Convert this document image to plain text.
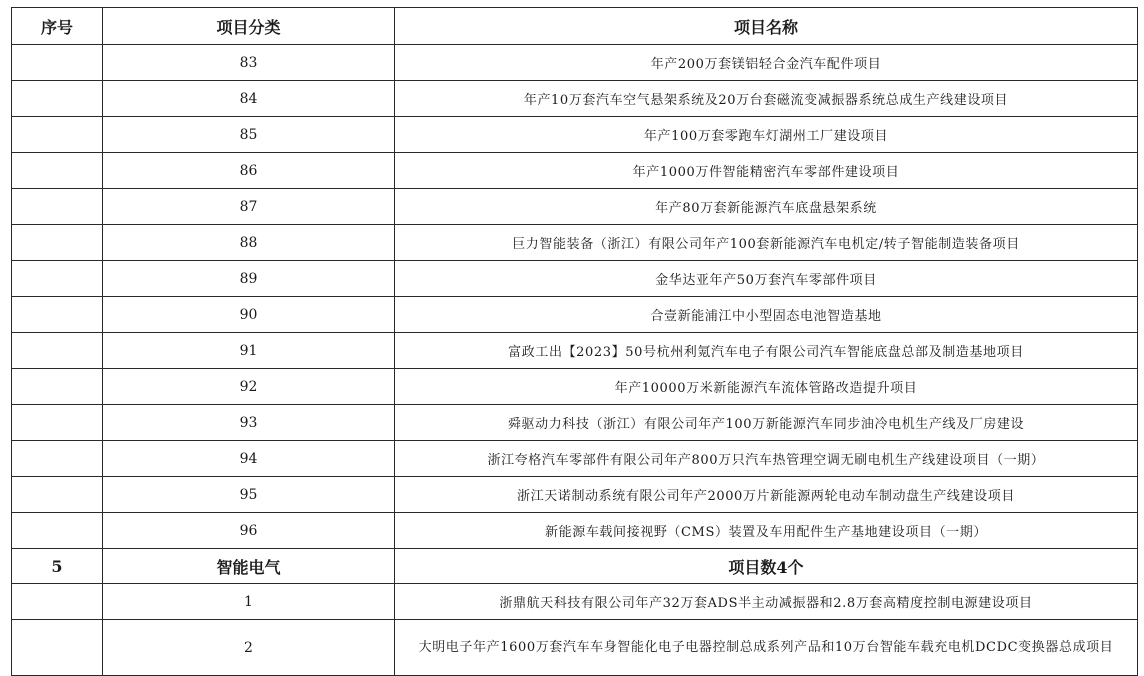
序号	项目分类	项目名称
	83	年产200万套镁铝轻合金汽车配件项目
	84	年产10万套汽车空气悬架系统及20万台套磁流变减振器系统总成生产线建设项目
	85	年产100万套零跑车灯湖州工厂建设项目
	86	年产1000万件智能精密汽车零部件建设项目
	87	年产80万套新能源汽车底盘悬架系统
	88	巨力智能装备（浙江）有限公司年产100套新能源汽车电机定/转子智能制造装备项目
	89	金华达亚年产50万套汽车零部件项目
	90	合壹新能浦江中小型固态电池智造基地
	91	富政工出【2023】50号杭州利氪汽车电子有限公司汽车智能底盘总部及制造基地项目
	92	年产10000万米新能源汽车流体管路改造提升项目
	93	舜驱动力科技（浙江）有限公司年产100万新能源汽车同步油冷电机生产线及厂房建设
	94	浙江夸格汽车零部件有限公司年产800万只汽车热管理空调无刷电机生产线建设项目（一期）
	95	浙江天诺制动系统有限公司年产2000万片新能源两轮电动车制动盘生产线建设项目
	96	新能源车载间接视野（CMS）装置及车用配件生产基地建设项目（一期）
5	智能电气	项目数4个
	1	浙鼎航天科技有限公司年产32万套ADS半主动减振器和2.8万套高精度控制电源建设项目
	2	大明电子年产1600万套汽车车身智能化电子电器控制总成系列产品和10万台智能车载充电机DCDC变换器总成项目
